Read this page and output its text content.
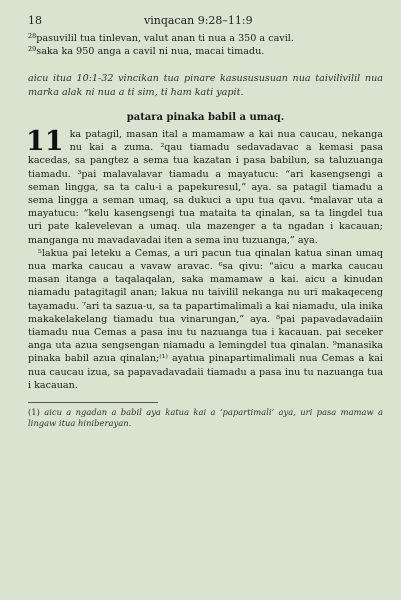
18	vinqacan 9:28–11:9

$^{28}$pasuvilil tua tinlevan, valut anan ti nua a 350 a cavil.

$^{29}$saka ka 950 anga a cavil ni nua, macai timadu.

aicu itua 10:1-32 vincikan tua pinare kasusususuan nua taivilivilil nua marka alak ni nua a ti sim, ti ham kati yapit.

patara pinaka babil a umaq.
11 ka patagil, masan ital a mamamaw a kai nua caucau, nekanga nu kai a zuma. ²qau tiamadu sedavadavac a kemasi pasa kacedas, sa pangtez a sema tua kazatan i pasa babilun, sa taluzuanga tiamadu. ³pai malavalavar tiamadu a mayatucu: “ari kasengsengi a seman lingga, sa ta calu-i a papekuresul,” aya. sa patagil tiamadu a sema lingga a seman umaq, sa dukuci a upu tua qavu. ⁴malavar uta a mayatucu: “kelu kasengsengi tua mataita ta qinalan, sa ta lingdel tua uri pate kalevelevan a umaq. ula mazenger a ta ngadan i kacauan; manganga nu mavadavadai iten a sema inu tuzuanga,” aya.

⁵lakua pai leteku a Cemas, a uri pacun tua qinalan katua sinan umaq nua marka caucau a vavaw aravac. ⁶sa qivu: “aicu a marka caucau masan itanga a taqalaqalan, saka mamamaw a kai. aicu a kinudan niamadu patagitagil anan; lakua nu taivilil nekanga nu uri makaqeceng tayamadu. ⁷ari ta sazua-u, sa ta papartimalimali a kai niamadu, ula inika makakelakelang tiamadu tua vinarungan,” aya. ⁸pai papavadavadaiin tiamadu nua Cemas a pasa inu tu nazuanga tua i kacauan. pai seceker anga uta azua sengsengan niamadu a lemingdel tua qinalan. ⁹manasika pinaka babil azua qinalan;⁽¹⁾ ayatua pinapartimalimali nua Cemas a kai nua caucau izua, sa papavadavadaii tiamadu a pasa inu tu nazuanga tua i kacauan.

(1) aicu a ngadan a babil aya katua kai a ‘papartimali’ aya, uri pasa mamaw a lingaw itua hiniberayan.
